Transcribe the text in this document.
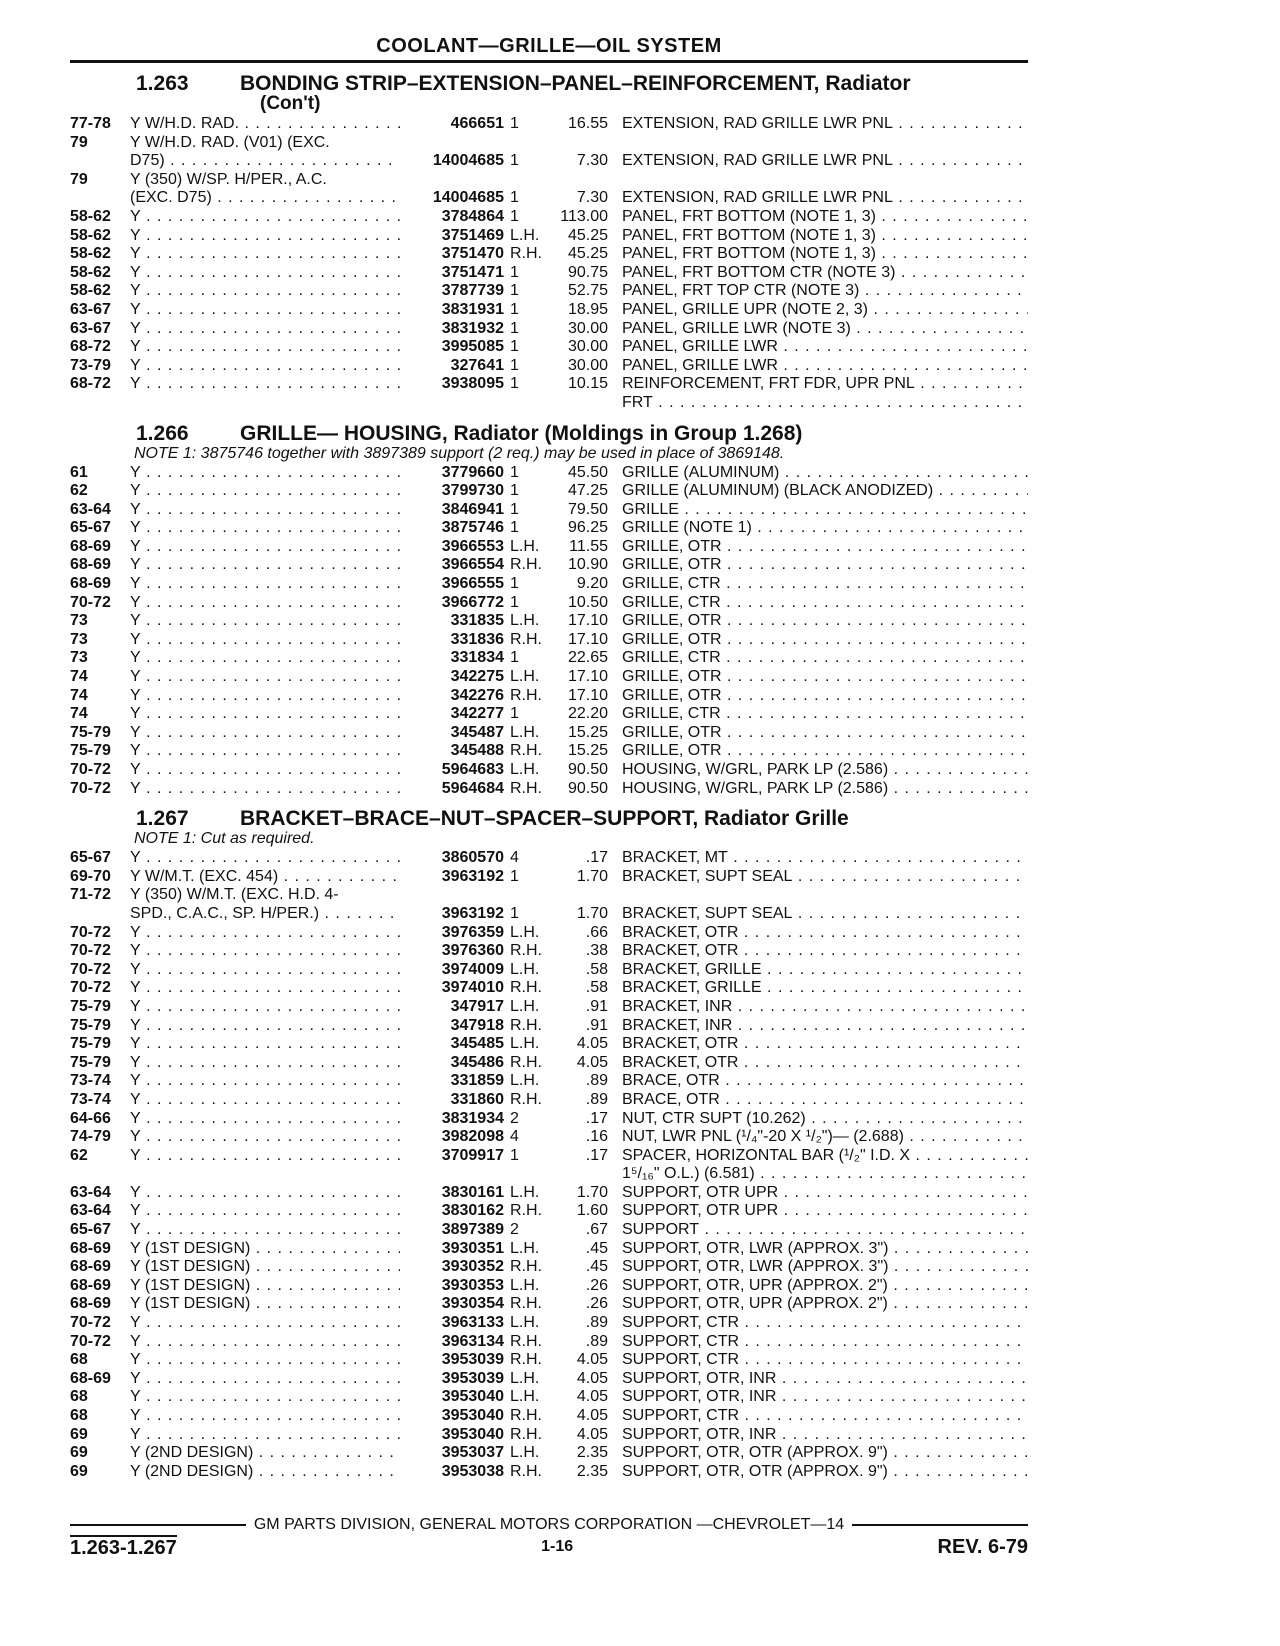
COOLANT—GRILLE—OIL SYSTEM
1.263	BONDING STRIP–EXTENSION–PANEL–REINFORCEMENT, Radiator
(Con't)
77-78	Y W/H.D. RAD. . . .	466651 1	16.55 EXTENSION, RAD GRILLE LWR PNL . . .
79	Y W/H.D. RAD. (V01) (EXC.
D75) . . .	14004685 1	7.30 EXTENSION, RAD GRILLE LWR PNL . . .
79	Y (350) W/SP. H/PER., A.C.
(EXC. D75) . . .	14004685 1	7.30 EXTENSION, RAD GRILLE LWR PNL . . .
58-62	Y . . .	3784864 1	113.00 PANEL, FRT BOTTOM (NOTE 1, 3) . . .
58-62	Y . . .	3751469 L.H.	45.25 PANEL, FRT BOTTOM (NOTE 1, 3) . . .
58-62	Y . . .	3751470 R.H.	45.25 PANEL, FRT BOTTOM (NOTE 1, 3) . . .
58-62	Y . . .	3751471 1	90.75 PANEL, FRT BOTTOM CTR (NOTE 3) . . .
58-62	Y . . .	3787739 1	52.75 PANEL, FRT TOP CTR (NOTE 3) . . .
63-67	Y . . .	3831931 1	18.95 PANEL, GRILLE UPR (NOTE 2, 3) . . .
63-67	Y . . .	3831932 1	30.00 PANEL, GRILLE LWR (NOTE 3) . . .
68-72	Y . . .	3995085 1	30.00 PANEL, GRILLE LWR . . .
73-79	Y . . .	327641 1	30.00 PANEL, GRILLE LWR . . .
68-72	Y . . .	3938095 1	10.15 REINFORCEMENT, FRT FDR, UPR PNL . . .
FRT . . .
1.266	GRILLE— HOUSING, Radiator (Moldings in Group 1.268)
NOTE 1: 3875746 together with 3897389 support (2 req.) may be used in place of 3869148.
61	Y . . .	3779660 1	45.50 GRILLE (ALUMINUM) . . .
62	Y . . .	3799730 1	47.25 GRILLE (ALUMINUM) (BLACK ANODIZED) . . .
63-64	Y . . .	3846941 1	79.50 GRILLE . . .
65-67	Y . . .	3875746 1	96.25 GRILLE (NOTE 1) . . .
68-69	Y . . .	3966553 L.H.	11.55 GRILLE, OTR . . .
68-69	Y . . .	3966554 R.H.	10.90 GRILLE, OTR . . .
68-69	Y . . .	3966555 1	9.20 GRILLE, CTR . . .
70-72	Y . . .	3966772 1	10.50 GRILLE, CTR . . .
73	Y . . .	331835 L.H.	17.10 GRILLE, OTR . . .
73	Y . . .	331836 R.H.	17.10 GRILLE, OTR . . .
73	Y . . .	331834 1	22.65 GRILLE, CTR . . .
74	Y . . .	342275 L.H.	17.10 GRILLE, OTR . . .
74	Y . . .	342276 R.H.	17.10 GRILLE, OTR . . .
74	Y . . .	342277 1	22.20 GRILLE, CTR . . .
75-79	Y . . .	345487 L.H.	15.25 GRILLE, OTR . . .
75-79	Y . . .	345488 R.H.	15.25 GRILLE, OTR . . .
70-72	Y . . .	5964683 L.H.	90.50 HOUSING, W/GRL, PARK LP (2.586) . . .
70-72	Y . . .	5964684 R.H.	90.50 HOUSING, W/GRL, PARK LP (2.586) . . .
1.267	BRACKET–BRACE–NUT–SPACER–SUPPORT, Radiator Grille
NOTE 1: Cut as required.
65-67	Y . . .	3860570 4	.17 BRACKET, MT . . .
69-70	Y W/M.T. (EXC. 454) . . .	3963192 1	1.70 BRACKET, SUPT SEAL . . .
71-72	Y (350) W/M.T. (EXC. H.D. 4-
SPD., C.A.C., SP. H/PER.) . . .	3963192 1	1.70 BRACKET, SUPT SEAL . . .
70-72	Y . . .	3976359 L.H.	.66 BRACKET, OTR . . .
70-72	Y . . .	3976360 R.H.	.38 BRACKET, OTR . . .
70-72	Y . . .	3974009 L.H.	.58 BRACKET, GRILLE . . .
70-72	Y . . .	3974010 R.H.	.58 BRACKET, GRILLE . . .
75-79	Y . . .	347917 L.H.	.91 BRACKET, INR . . .
75-79	Y . . .	347918 R.H.	.91 BRACKET, INR . . .
75-79	Y . . .	345485 L.H.	4.05 BRACKET, OTR . . .
75-79	Y . . .	345486 R.H.	4.05 BRACKET, OTR . . .
73-74	Y . . .	331859 L.H.	.89 BRACE, OTR . . .
73-74	Y . . .	331860 R.H.	.89 BRACE, OTR . . .
64-66	Y . . .	3831934 2	.17 NUT, CTR SUPT (10.262) . . .
74-79	Y . . .	3982098 4	.16 NUT, LWR PNL (¹/₄"-20 X ¹/₂")— (2.688) . . .
62	Y . . .	3709917 1	.17 SPACER, HORIZONTAL BAR (¹/₂" I.D. X . . .
1⁵/₁₆" O.L.) (6.581) . . .
63-64	Y . . .	3830161 L.H.	1.70 SUPPORT, OTR UPR . . .
63-64	Y . . .	3830162 R.H.	1.60 SUPPORT, OTR UPR . . .
65-67	Y . . .	3897389 2	.67 SUPPORT . . .
68-69	Y (1ST DESIGN) . . .	3930351 L.H.	.45 SUPPORT, OTR, LWR (APPROX. 3") . . .
68-69	Y (1ST DESIGN) . . .	3930352 R.H.	.45 SUPPORT, OTR, LWR (APPROX. 3") . . .
68-69	Y (1ST DESIGN) . . .	3930353 L.H.	.26 SUPPORT, OTR, UPR (APPROX. 2") . . .
68-69	Y (1ST DESIGN) . . .	3930354 R.H.	.26 SUPPORT, OTR, UPR (APPROX. 2") . . .
70-72	Y . . .	3963133 L.H.	.89 SUPPORT, CTR . . .
70-72	Y . . .	3963134 R.H.	.89 SUPPORT, CTR . . .
68	Y . . .	3953039 R.H.	4.05 SUPPORT, CTR . . .
68-69	Y . . .	3953039 L.H.	4.05 SUPPORT, OTR, INR . . .
68	Y . . .	3953040 L.H.	4.05 SUPPORT, OTR, INR . . .
68	Y . . .	3953040 R.H.	4.05 SUPPORT, CTR . . .
69	Y . . .	3953040 R.H.	4.05 SUPPORT, OTR, INR . . .
69	Y (2ND DESIGN) . . .	3953037 L.H.	2.35 SUPPORT, OTR, OTR (APPROX. 9") . . .
69	Y (2ND DESIGN) . . .	3953038 R.H.	2.35 SUPPORT, OTR, OTR (APPROX. 9") . . .
GM PARTS DIVISION, GENERAL MOTORS CORPORATION —CHEVROLET—14
1.263-1.267	1-16	REV. 6-79
